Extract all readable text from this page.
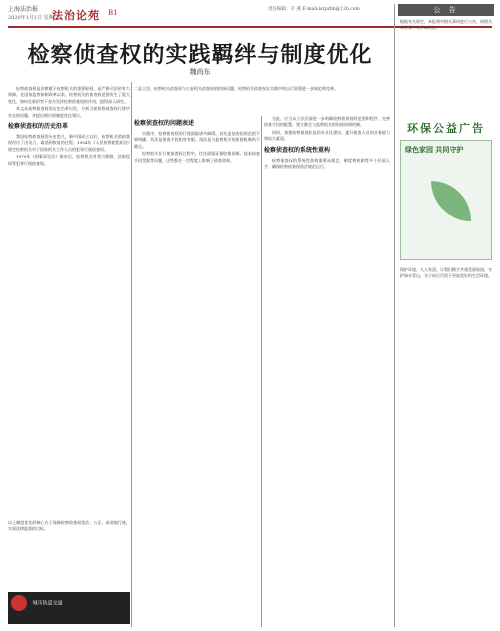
上海法治报
2020年1月1日 星期一
法治论苑 B1	责任编辑：辛 燕 E-mail:lszpzhh@126.com
检察侦查权的实践羁绊与制度优化
魏尚东

检察侦查权是法律赋予检察机关的重要职权，是严格司法的有力保障。在国家监察体制改革以来，检察机关的侦查权范围发生了重大变化，如何在新形势下充分发挥检察侦查权的作用，值得深入研究。

本文从检察侦查权的历史沿革出发，分析当前检察侦查权行使中存在的问题，并提出相应的制度优化建议。

检察侦查权的历史沿革

我国检察侦查权的历史悠久，新中国成立以后，检察机关的侦查权经历了由设立、取消到恢复的过程。1954年《人民检察院组织法》规定检察机关对于国家机关工作人员的犯罪行使侦查权。

1979年《刑事诉讼法》颁布后，检察机关对贪污贿赂、渎职侵权等犯罪行使侦查权。

二是立法、检察机关侦查权与公安机关侦查权的衔接问题，检察机关侦查权在实践中的运行需要进一步规范和完善。
检察侦查权的问题表述

实践中，检察侦查权的行使面临诸多障碍。首先是侦查权的范围不够明确，其次是侦查手段相对有限，再次是与监察机关的衔接机制尚不健全。

检察机关在行使侦查权过程中，往往面临证据收集困难、技术侦查手段受限等问题，这些都在一定程度上影响了侦查效果。

为此，应当从立法层面进一步明确检察侦查权的范围和程序，完善侦查手段的配置，建立健全与监察机关的衔接协调机制。

同时，加强检察侦查队伍的专业化建设，提升侦查人员的业务能力和综合素质。

检察侦查权的系统性重构

检察侦查权的系统性重构需要从理念、制度和机制等多个层面入手，确保检察侦查权依法规范运行。

以上制度优化的核心在于保障检察侦查权依法、公正、高效地行使，实现法律监督的目标。
城市轨道交通
公 告
根据有关规定，本报将对相关事项进行公告，请相关单位及个人予以关注。
环保公益广告
绿色家园 共同守护
保护环境，人人有责。让我们携手共建美丽家园，守护绿水青山，为子孙后代留下更加美好的生活环境。
